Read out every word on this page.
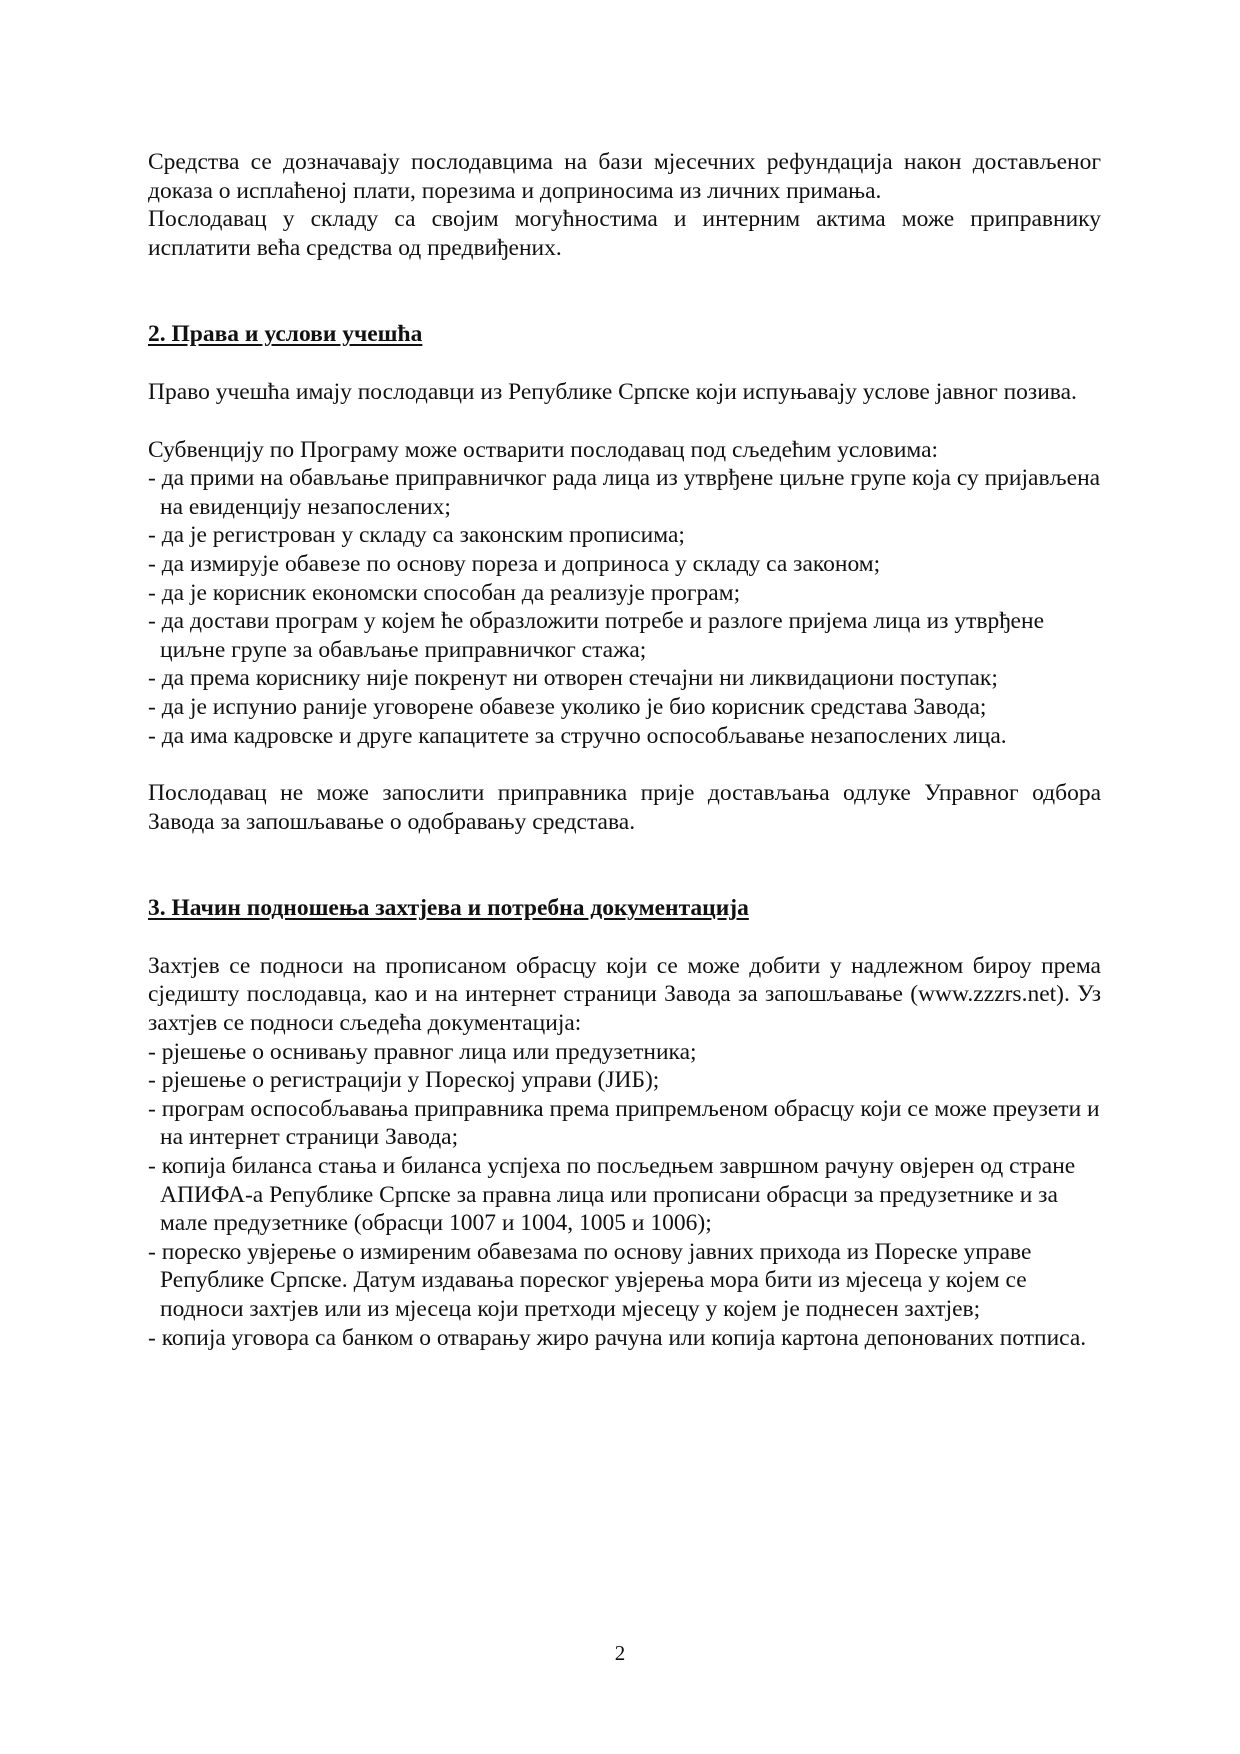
Средства се дозначавају послодавцима на бази мјесечних рефундација након достављеног доказа о исплаћеној плати, порезима и доприносима из личних примања.

Послодавац у складу са својим могућностима и интерним актима може приправнику исплатити већа средства од предвиђених.

2. Права и услови учешћа

Право учешћа имају послодавци из Републике Српске који испуњавају услове јавног позива.

Субвенцију по Програму може остварити послодавац под сљедећим условима:

- да прими на обављање приправничког рада лица из утврђене циљне групе која су пријављена на евиденцију незапослених;
- да је регистрован у складу са законским прописима;
- да измирује обавезе по основу пореза и доприноса у складу са законом;
- да је корисник економски способан да реализује програм;
- да достави програм у којем ће образложити потребе и разлоге пријема лица из утврђене циљне групе за обављање приправничког стажа;
- да према кориснику није покренут ни отворен стечајни ни ликвидациони поступак;
- да је испунио раније уговорене обавезе уколико је био корисник средстава Завода;
- да има кадровске и друге капацитете за стручно оспособљавање незапослених лица.

Послодавац не може запослити приправника прије достављања одлуке Управног одбора Завода за запошљавање о одобравању средстава.

3. Начин подношења захтјева и потребна документација

Захтјев се подноси на прописаном обрасцу који се може добити у надлежном бироу према сједишту послодавца, као и на интернет страници Завода за запошљавање (www.zzzrs.net). Уз захтјев се подноси сљедећа документација:

- рјешење о оснивању правног лица или предузетника;
- рјешење о регистрацији у Пореској управи (ЈИБ);
- програм оспособљавања приправника према припремљеном обрасцу који се може преузети и на интернет страници Завода;
- копија биланса стања и биланса успјеха по посљедњем завршном рачуну овјерен од стране АПИФА-а Републике Српске за правна лица или прописани обрасци за предузетнике и за мале предузетнике (обрасци 1007 и 1004, 1005 и 1006);
- пореско увјерење о измиреним обавезама по основу јавних прихода из Пореске управе Републике Српске. Датум издавања пореског увјерења мора бити из мјесеца у којем се подноси захтјев или из мјесеца који претходи мјесецу у којем је поднесен захтјев;
- копија уговора са банком о отварању жиро рачуна или копија картона депонованих потписа.
2
